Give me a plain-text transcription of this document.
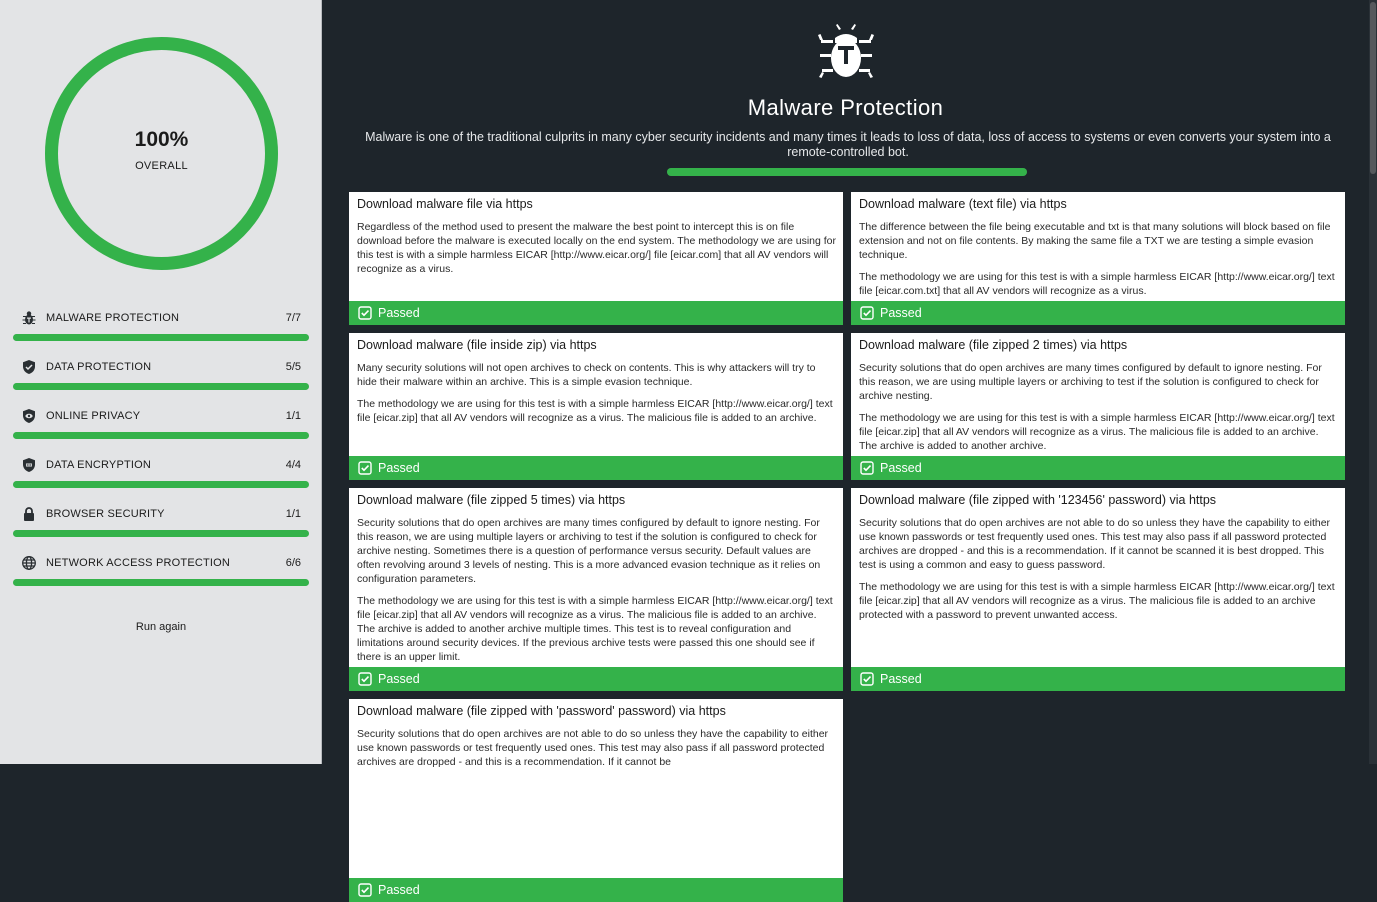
100%
OVERALL
MALWARE PROTECTION	7/7
DATA PROTECTION	5/5
ONLINE PRIVACY	1/1
DATA ENCRYPTION	4/4
BROWSER SECURITY	1/1
NETWORK ACCESS PROTECTION	6/6
Run again
Malware Protection
Malware is one of the traditional culprits in many cyber security incidents and many times it leads to loss of data, loss of access to systems or even converts your system into a remote-controlled bot.
Download malware file via https

Regardless of the method used to present the malware the best point to intercept this is on file download before the malware is executed locally on the end system. The methodology we are using for this test is with a simple harmless EICAR [http://www.eicar.org/] file [eicar.com] that all AV vendors will recognize as a virus.

Passed
Download malware (text file) via https

The difference between the file being executable and txt is that many solutions will block based on file extension and not on file contents. By making the same file a TXT we are testing a simple evasion technique.

The methodology we are using for this test is with a simple harmless EICAR [http://www.eicar.org/] text file [eicar.com.txt] that all AV vendors will recognize as a virus.

Passed
Download malware (file inside zip) via https

Many security solutions will not open archives to check on contents. This is why attackers will try to hide their malware within an archive. This is a simple evasion technique.

The methodology we are using for this test is with a simple harmless EICAR [http://www.eicar.org/] text file [eicar.zip] that all AV vendors will recognize as a virus. The malicious file is added to an archive.

Passed
Download malware (file zipped 2 times) via https

Security solutions that do open archives are many times configured by default to ignore nesting. For this reason, we are using multiple layers or archiving to test if the solution is configured to check for archive nesting.

The methodology we are using for this test is with a simple harmless EICAR [http://www.eicar.org/] text file [eicar.zip] that all AV vendors will recognize as a virus. The malicious file is added to an archive. The archive is added to another archive.

Passed
Download malware (file zipped 5 times) via https

Security solutions that do open archives are many times configured by default to ignore nesting. For this reason, we are using multiple layers or archiving to test if the solution is configured to check for archive nesting. Sometimes there is a question of performance versus security. Default values are often revolving around 3 levels of nesting. This is a more advanced evasion technique as it relies on configuration parameters.

The methodology we are using for this test is with a simple harmless EICAR [http://www.eicar.org/] text file [eicar.zip] that all AV vendors will recognize as a virus. The malicious file is added to an archive. The archive is added to another archive multiple times. This test is to reveal configuration and limitations around security devices. If the previous archive tests were passed this one should see if there is an upper limit.

Passed
Download malware (file zipped with '123456' password) via https

Security solutions that do open archives are not able to do so unless they have the capability to either use known passwords or test frequently used ones. This test may also pass if all password protected archives are dropped - and this is a recommendation. If it cannot be scanned it is best dropped. This test is using a common and easy to guess password.

The methodology we are using for this test is with a simple harmless EICAR [http://www.eicar.org/] text file [eicar.zip] that all AV vendors will recognize as a virus. The malicious file is added to an archive protected with a password to prevent unwanted access.

Passed
Download malware (file zipped with 'password' password) via https

Security solutions that do open archives are not able to do so unless they have the capability to either use known passwords or test frequently used ones. This test may also pass if all password protected archives are dropped - and this is a recommendation. If it cannot be

Passed
